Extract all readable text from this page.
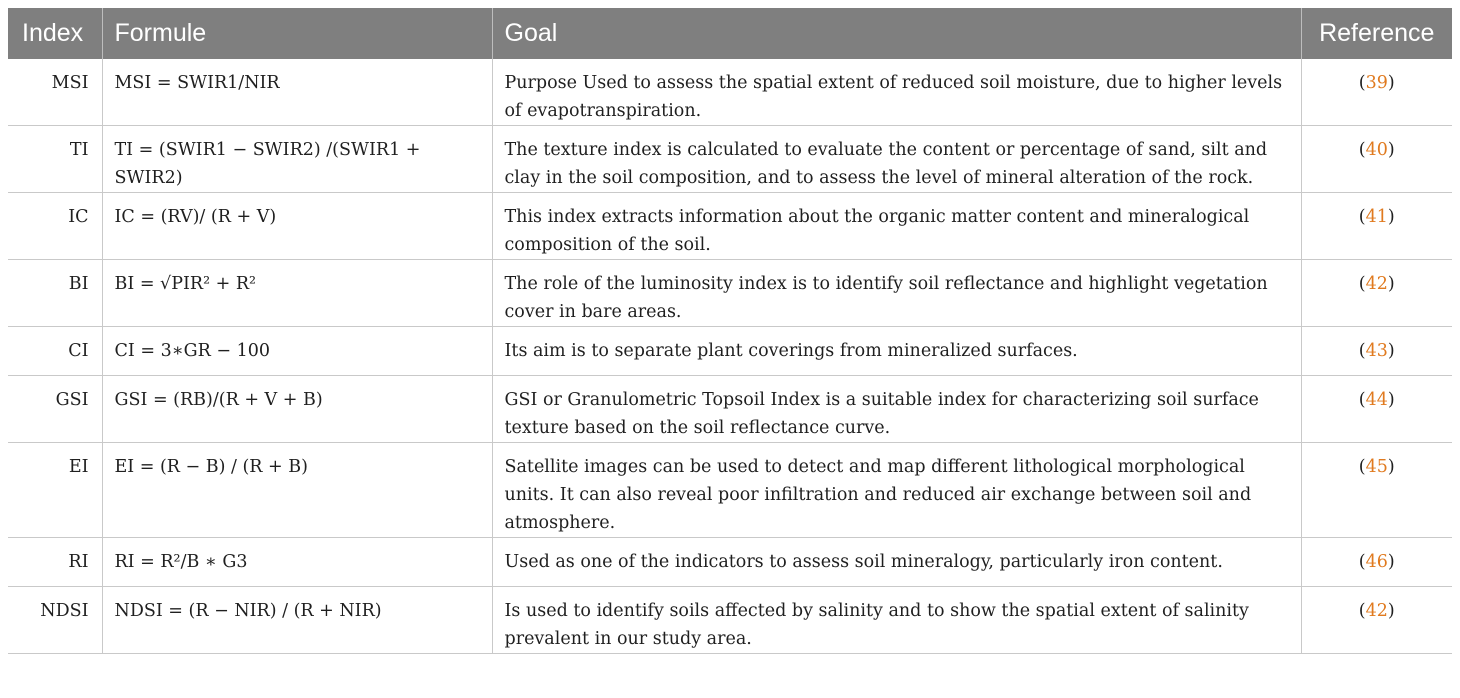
Index	Formule	Goal	Reference
MSI	MSI = SWIR1/NIR	Purpose Used to assess the spatial extent of reduced soil moisture, due to higher levels of evapotranspiration.	(39)
TI	TI = (SWIR1 − SWIR2) /(SWIR1 + SWIR2)	The texture index is calculated to evaluate the content or percentage of sand, silt and clay in the soil composition, and to assess the level of mineral alteration of the rock.	(40)
IC	IC = (RV)/ (R + V)	This index extracts information about the organic matter content and mineralogical composition of the soil.	(41)
BI	BI = √PIR² + R²	The role of the luminosity index is to identify soil reflectance and highlight vegetation cover in bare areas.	(42)
CI	CI = 3∗GR − 100	Its aim is to separate plant coverings from mineralized surfaces.	(43)
GSI	GSI = (RB)/(R + V + B)	GSI or Granulometric Topsoil Index is a suitable index for characterizing soil surface texture based on the soil reflectance curve.	(44)
EI	EI = (R − B) / (R + B)	Satellite images can be used to detect and map different lithological morphological units. It can also reveal poor infiltration and reduced air exchange between soil and atmosphere.	(45)
RI	RI = R²/B ∗ G3	Used as one of the indicators to assess soil mineralogy, particularly iron content.	(46)
NDSI	NDSI = (R − NIR) / (R + NIR)	Is used to identify soils affected by salinity and to show the spatial extent of salinity prevalent in our study area.	(42)
